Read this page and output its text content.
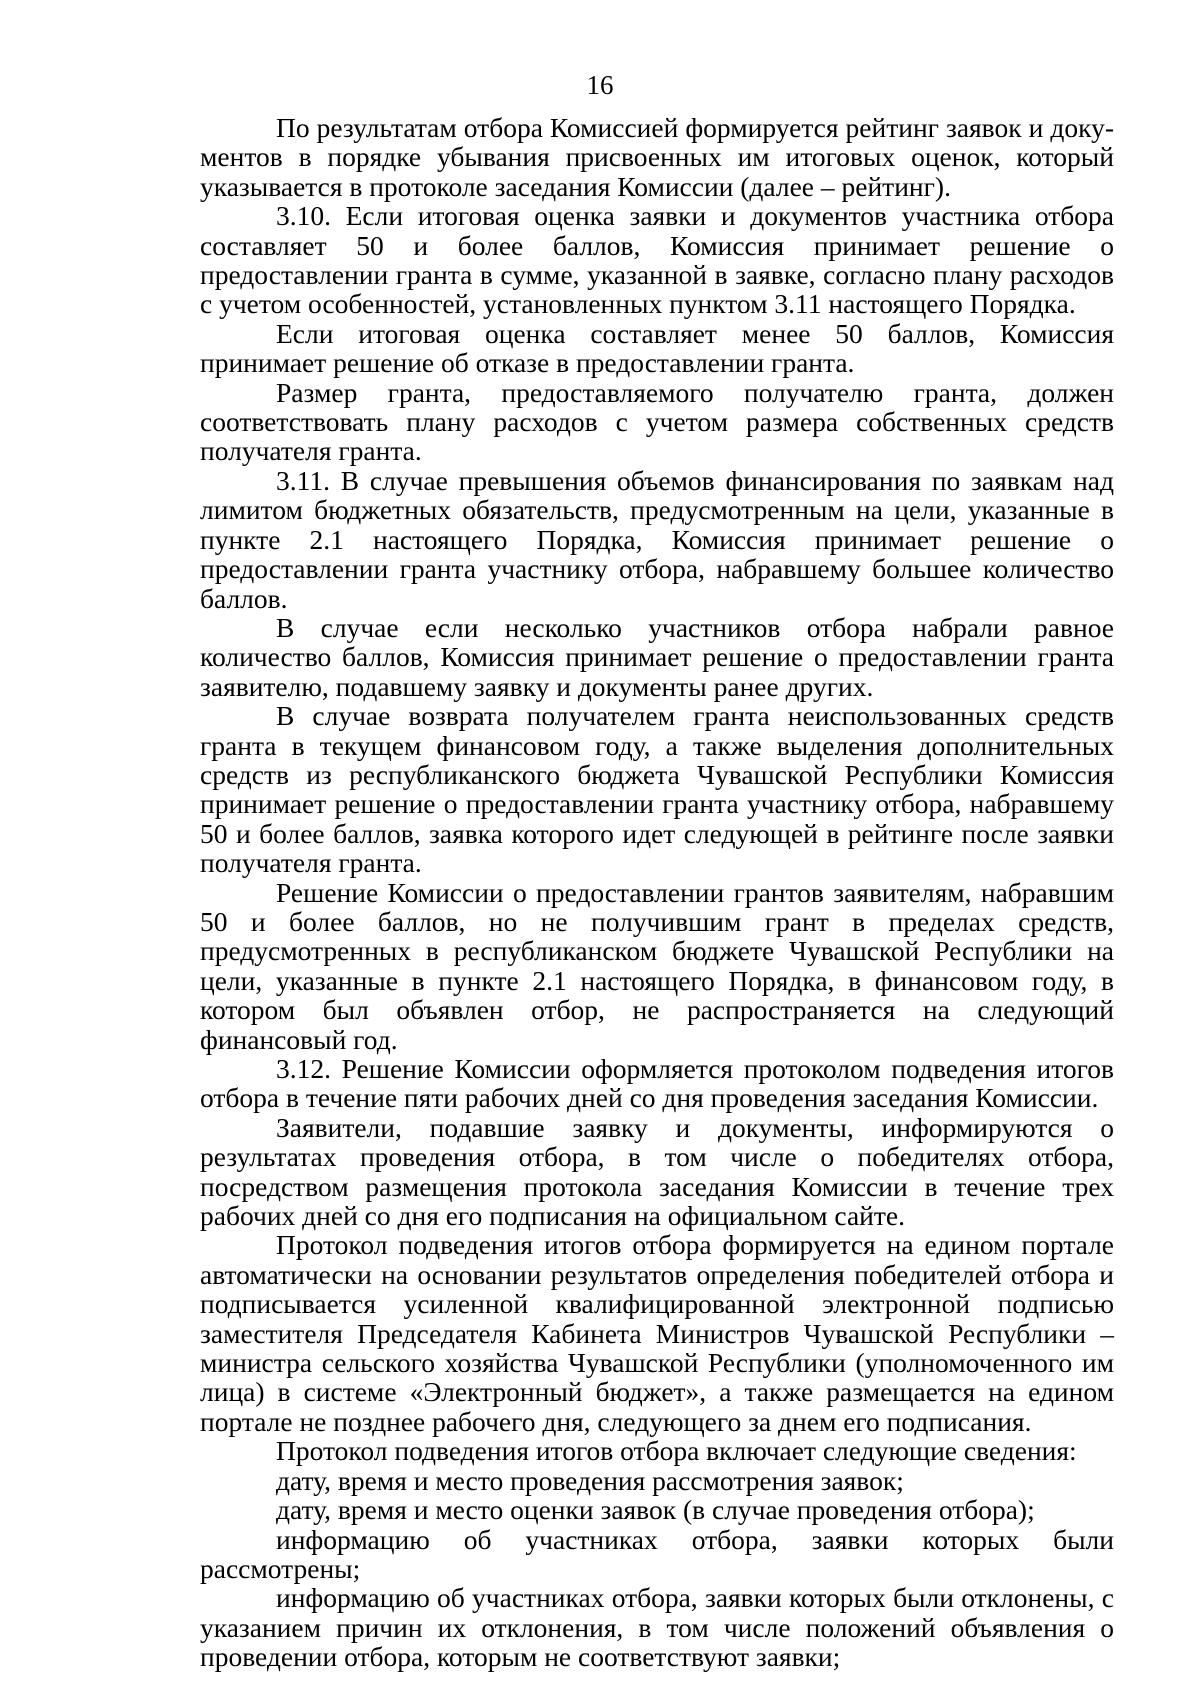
16

По результатам отбора Комиссией формируется рейтинг заявок и документов в порядке убывания присвоенных им итоговых оценок, который указывается в протоколе заседания Комиссии (далее – рейтинг).

3.10. Если итоговая оценка заявки и документов участника отбора составляет 50 и более баллов, Комиссия принимает решение о предоставлении гранта в сумме, указанной в заявке, согласно плану расходов с учетом особенностей, установленных пунктом 3.11 настоящего Порядка.

Если итоговая оценка составляет менее 50 баллов, Комиссия принимает решение об отказе в предоставлении гранта.

Размер гранта, предоставляемого получателю гранта, должен соответствовать плану расходов с учетом размера собственных средств получателя гранта.

3.11. В случае превышения объемов финансирования по заявкам над лимитом бюджетных обязательств, предусмотренным на цели, указанные в пункте 2.1 настоящего Порядка, Комиссия принимает решение о предоставлении гранта участнику отбора, набравшему большее количество баллов.

В случае если несколько участников отбора набрали равное количество баллов, Комиссия принимает решение о предоставлении гранта заявителю, подавшему заявку и документы ранее других.

В случае возврата получателем гранта неиспользованных средств гранта в текущем финансовом году, а также выделения дополнительных средств из республиканского бюджета Чувашской Республики Комиссия принимает решение о предоставлении гранта участнику отбора, набравшему 50 и более баллов, заявка которого идет следующей в рейтинге после заявки получателя гранта.

Решение Комиссии о предоставлении грантов заявителям, набравшим 50 и более баллов, но не получившим грант в пределах средств, предусмотренных в республиканском бюджете Чувашской Республики на цели, указанные в пункте 2.1 настоящего Порядка, в финансовом году, в котором был объявлен отбор, не распространяется на следующий финансовый год.

3.12. Решение Комиссии оформляется протоколом подведения итогов отбора в течение пяти рабочих дней со дня проведения заседания Комиссии.

Заявители, подавшие заявку и документы, информируются о результатах проведения отбора, в том числе о победителях отбора, посредством размещения протокола заседания Комиссии в течение трех рабочих дней со дня его подписания на официальном сайте.

Протокол подведения итогов отбора формируется на едином портале автоматически на основании результатов определения победителей отбора и подписывается усиленной квалифицированной электронной подписью заместителя Председателя Кабинета Министров Чувашской Республики – министра сельского хозяйства Чувашской Республики (уполномоченного им лица) в системе «Электронный бюджет», а также размещается на едином портале не позднее рабочего дня, следующего за днем его подписания.

Протокол подведения итогов отбора включает следующие сведения:

дату, время и место проведения рассмотрения заявок;

дату, время и место оценки заявок (в случае проведения отбора);

информацию об участниках отбора, заявки которых были рассмотрены;

информацию об участниках отбора, заявки которых были отклонены, с указанием причин их отклонения, в том числе положений объявления о проведении отбора, которым не соответствуют заявки;
